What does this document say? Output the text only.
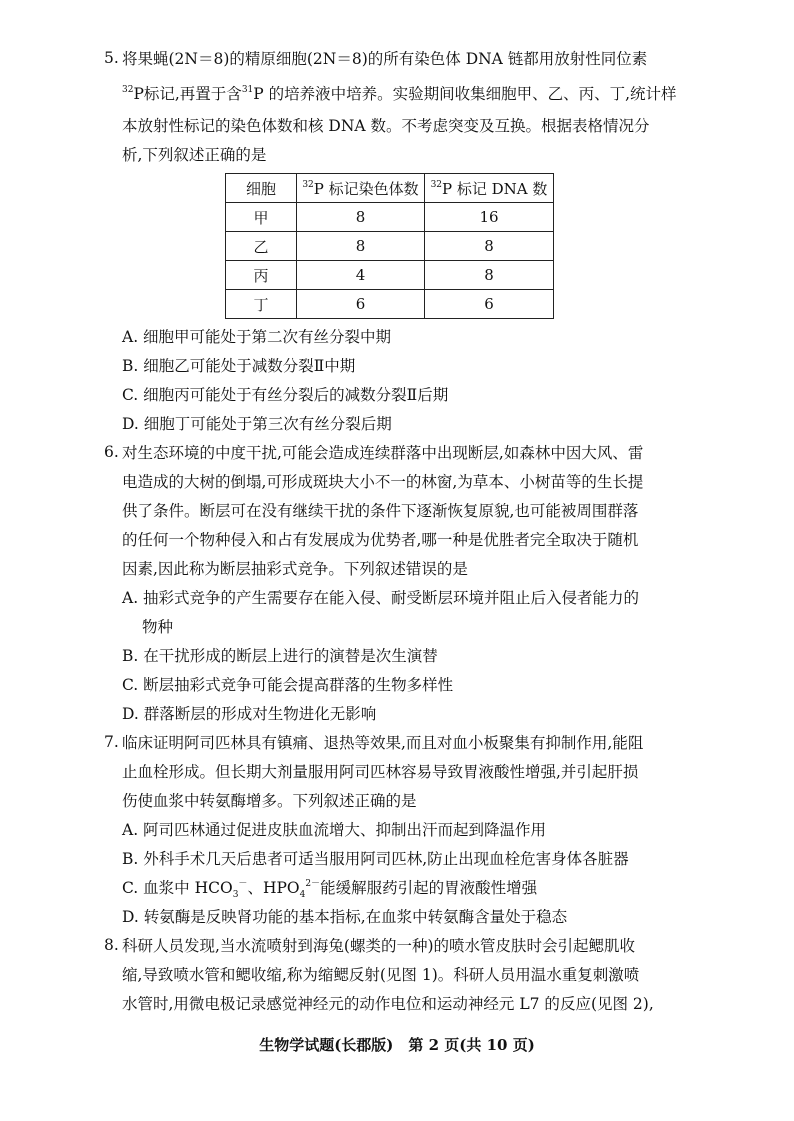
5. 将果蝇(2N＝8)的精原细胞(2N＝8)的所有染色体 DNA 链都用放射性同位素
$^{32}$P标记,再置于含$^{31}$P 的培养液中培养。实验期间收集细胞甲、乙、丙、丁,统计样
本放射性标记的染色体数和核 DNA 数。不考虑突变及互换。根据表格情况分
析,下列叙述正确的是
细胞	$^{32}$P 标记染色体数	$^{32}$P 标记 DNA 数
甲	8	16
乙	8	8
丙	4	8
丁	6	6
A. 细胞甲可能处于第二次有丝分裂中期
B. 细胞乙可能处于减数分裂Ⅱ中期
C. 细胞丙可能处于有丝分裂后的减数分裂Ⅱ后期
D. 细胞丁可能处于第三次有丝分裂后期
6. 对生态环境的中度干扰,可能会造成连续群落中出现断层,如森林中因大风、雷
电造成的大树的倒塌,可形成斑块大小不一的林窗,为草本、小树苗等的生长提
供了条件。断层可在没有继续干扰的条件下逐渐恢复原貌,也可能被周围群落
的任何一个物种侵入和占有发展成为优势者,哪一种是优胜者完全取决于随机
因素,因此称为断层抽彩式竞争。下列叙述错误的是
A. 抽彩式竞争的产生需要存在能入侵、耐受断层环境并阻止后入侵者能力的
物种
B. 在干扰形成的断层上进行的演替是次生演替
C. 断层抽彩式竞争可能会提高群落的生物多样性
D. 群落断层的形成对生物进化无影响
7. 临床证明阿司匹林具有镇痛、退热等效果,而且对血小板聚集有抑制作用,能阻
止血栓形成。但长期大剂量服用阿司匹林容易导致胃液酸性增强,并引起肝损
伤使血浆中转氨酶增多。下列叙述正确的是
A. 阿司匹林通过促进皮肤血流增大、抑制出汗而起到降温作用
B. 外科手术几天后患者可适当服用阿司匹林,防止出现血栓危害身体各脏器
C. 血浆中 $HCO_3^-$、$HPO_4^{2-}$能缓解服药引起的胃液酸性增强
D. 转氨酶是反映肾功能的基本指标,在血浆中转氨酶含量处于稳态
8. 科研人员发现,当水流喷射到海兔(螺类的一种)的喷水管皮肤时会引起鳃肌收
缩,导致喷水管和鳃收缩,称为缩鳃反射(见图 1)。科研人员用温水重复刺激喷
水管时,用微电极记录感觉神经元的动作电位和运动神经元 L7 的反应(见图 2),
生物学试题(长郡版)　第 2 页(共 10 页)
